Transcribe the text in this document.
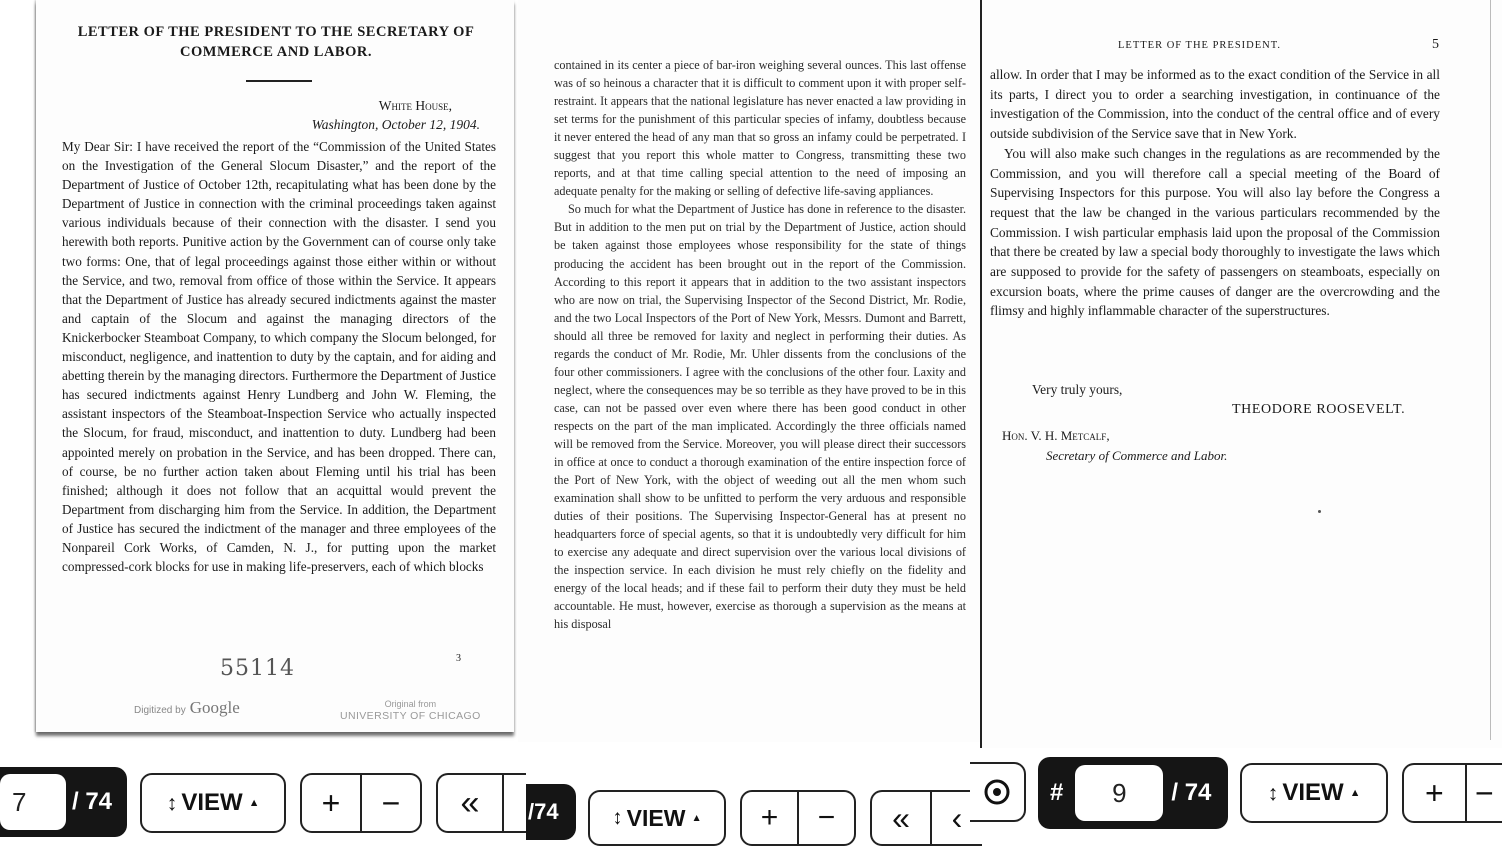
LETTER OF THE PRESIDENT TO THE SECRETARY OF COMMERCE AND LABOR.
White House,
Washington, October 12, 1904.

My Dear Sir: I have received the report of the “Commission of the United States on the Investigation of the General Slocum Disaster,” and the report of the Department of Justice of October 12th, recapitulating what has been done by the Department of Justice in connection with the criminal proceedings taken against various individuals because of their connection with the disaster. I send you herewith both reports. Punitive action by the Government can of course only take two forms: One, that of legal proceedings against those either within or without the Service, and two, removal from office of those within the Service. It appears that the Department of Justice has already secured indictments against the master and captain of the Slocum and against the managing directors of the Knickerbocker Steamboat Company, to which company the Slocum belonged, for misconduct, negligence, and inattention to duty by the captain, and for aiding and abetting therein by the managing directors. Furthermore the Department of Justice has secured indictments against Henry Lundberg and John W. Fleming, the assistant inspectors of the Steamboat-Inspection Service who actually inspected the Slocum, for fraud, misconduct, and inattention to duty. Lundberg had been appointed merely on probation in the Service, and has been dropped. There can, of course, be no further action taken about Fleming until his trial has been finished; although it does not follow that an acquittal would prevent the Department from discharging him from the Service. In addition, the Department of Justice has secured the indictment of the manager and three employees of the Nonpareil Cork Works, of Camden, N. J., for putting upon the market compressed-cork blocks for use in making life-preservers, each of which blocks

55114	3
Digitized by Google	Original from
UNIVERSITY OF CHICAGO

contained in its center a piece of bar-iron weighing several ounces. This last offense was of so heinous a character that it is difficult to comment upon it with proper self-restraint. It appears that the national legislature has never enacted a law providing in set terms for the punishment of this particular species of infamy, doubtless because it never entered the head of any man that so gross an infamy could be perpetrated. I suggest that you report this whole matter to Congress, transmitting these two reports, and at that time calling special attention to the need of imposing an adequate penalty for the making or selling of defective life-saving appliances.

So much for what the Department of Justice has done in reference to the disaster. But in addition to the men put on trial by the Department of Justice, action should be taken against those employees whose responsibility for the state of things producing the accident has been brought out in the report of the Commission. According to this report it appears that in addition to the two assistant inspectors who are now on trial, the Supervising Inspector of the Second District, Mr. Rodie, and the two Local Inspectors of the Port of New York, Messrs. Dumont and Barrett, should all three be removed for laxity and neglect in performing their duties. As regards the conduct of Mr. Rodie, Mr. Uhler dissents from the conclusions of the four other commissioners. I agree with the conclusions of the other four. Laxity and neglect, where the consequences may be so terrible as they have proved to be in this case, can not be passed over even where there has been good conduct in other respects on the part of the man implicated. Accordingly the three officials named will be removed from the Service. Moreover, you will please direct their successors in office at once to conduct a thorough examination of the entire inspection force of the Port of New York, with the object of weeding out all the men whom such examination shall show to be unfitted to perform the very arduous and responsible duties of their positions. The Supervising Inspector-General has at present no headquarters force of special agents, so that it is undoubtedly very difficult for him to exercise any adequate and direct supervision over the various local divisions of the inspection service. In each division he must rely chiefly on the fidelity and energy of the local heads; and if these fail to perform their duty they must be held accountable. He must, however, exercise as thorough a supervision as the means at his disposal

LETTER OF THE PRESIDENT.	5

allow. In order that I may be informed as to the exact condition of the Service in all its parts, I direct you to order a searching investigation, in continuance of the investigation of the Commission, into the conduct of the central office and of every outside subdivision of the Service save that in New York.

You will also make such changes in the regulations as are recommended by the Commission, and you will therefore call a special meeting of the Board of Supervising Inspectors for this purpose. You will also lay before the Congress a request that the law be changed in the various particulars recommended by the Commission. I wish particular emphasis laid upon the proposal of the Commission that there be created by law a special body thoroughly to investigate the laws which are supposed to provide for the safety of passengers on steamboats, especially on excursion boats, where the prime causes of danger are the overcrowding and the flimsy and highly inflammable character of the superstructures.

Very truly yours,
THEODORE ROOSEVELT.
Hon. V. H. Metcalf,
Secretary of Commerce and Labor.
7
/ 74	↕ VIEW ▲	+	−	«	/74	↕ VIEW ▲	+	−	«	‹
#
9	/ 74	↕ VIEW ▲	+ −
